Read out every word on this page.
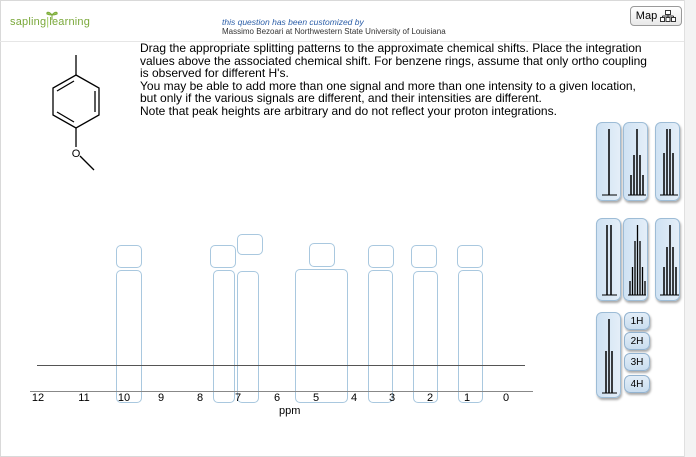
sapling|learning	this question has been customized by
Massimo Bezoari at Northwestern State University of Louisiana
Map
Drag the appropriate splitting patterns to the approximate chemical shifts. Place the integration
values above the associated chemical shift. For benzene rings, assume that only ortho coupling
is observed for different H's.
You may be able to add more than one signal and more than one intensity to a given location,
but only if the various signals are different, and their intensities are different.
Note that peak heights are arbitrary and do not reflect your proton integrations.
O
12	11	10	9	8	7	6	5	4	3	2	1	0
ppm
1H
2H
3H
4H
